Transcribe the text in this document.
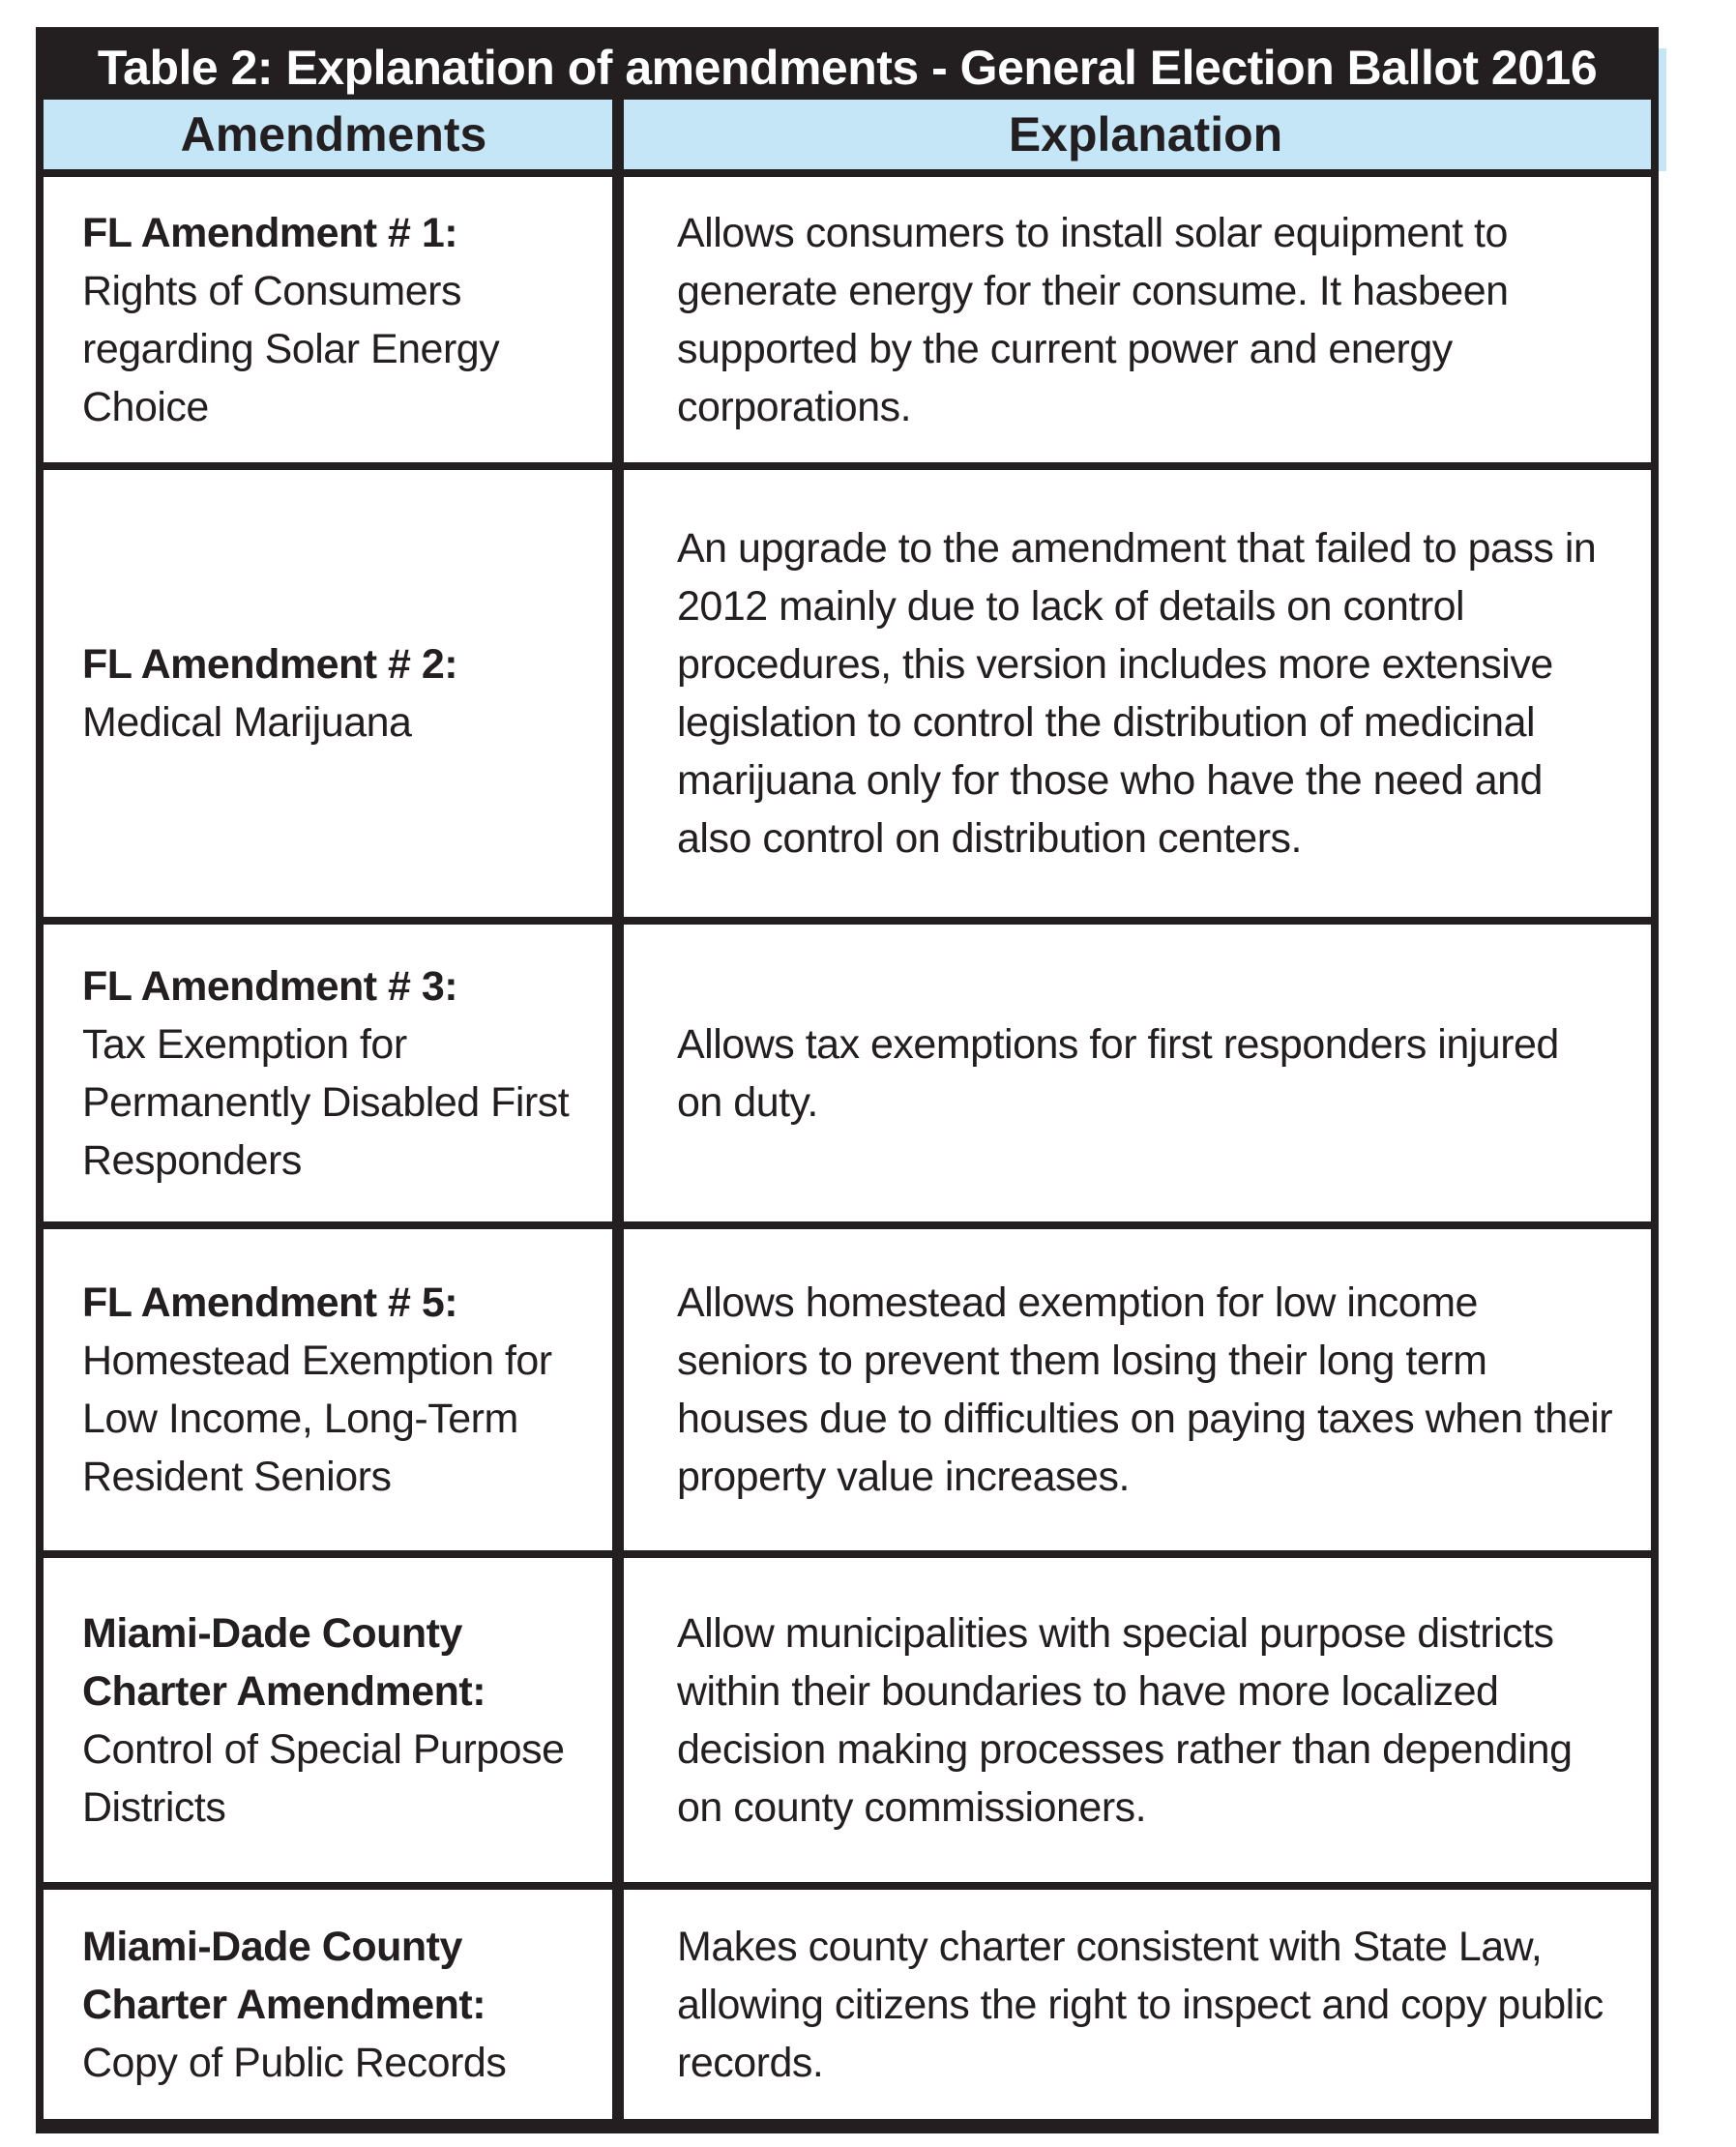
Table 2: Explanation of amendments - General Election Ballot 2016
Amendments	Explanation
FL Amendment # 1:
Rights of Consumers regarding Solar Energy Choice
Allows consumers to install solar equipment to generate energy for their consume. It hasbeen supported by the current power and energy corporations.
FL Amendment # 2:
Medical Marijuana
An upgrade to the amendment that failed to pass in 2012 mainly due to lack of details on control procedures, this version includes more extensive legislation to control the distribution of medicinal marijuana only for those who have the need and also control on distribution centers.
FL Amendment # 3:
Tax Exemption for Permanently Disabled First Responders
Allows tax exemptions for first responders injured on duty.
FL Amendment # 5:
Homestead Exemption for Low Income, Long-Term Resident Seniors
Allows homestead exemption for low income seniors to prevent them losing their long term houses due to difficulties on paying taxes when their property value increases.
Miami-Dade County Charter Amendment:
Control of Special Purpose Districts
Allow municipalities with special purpose districts within their boundaries to have more localized decision making processes rather than depending on county commissioners.
Miami-Dade County Charter Amendment:
Copy of Public Records
Makes county charter consistent with State Law, allowing citizens the right to inspect and copy public records.
